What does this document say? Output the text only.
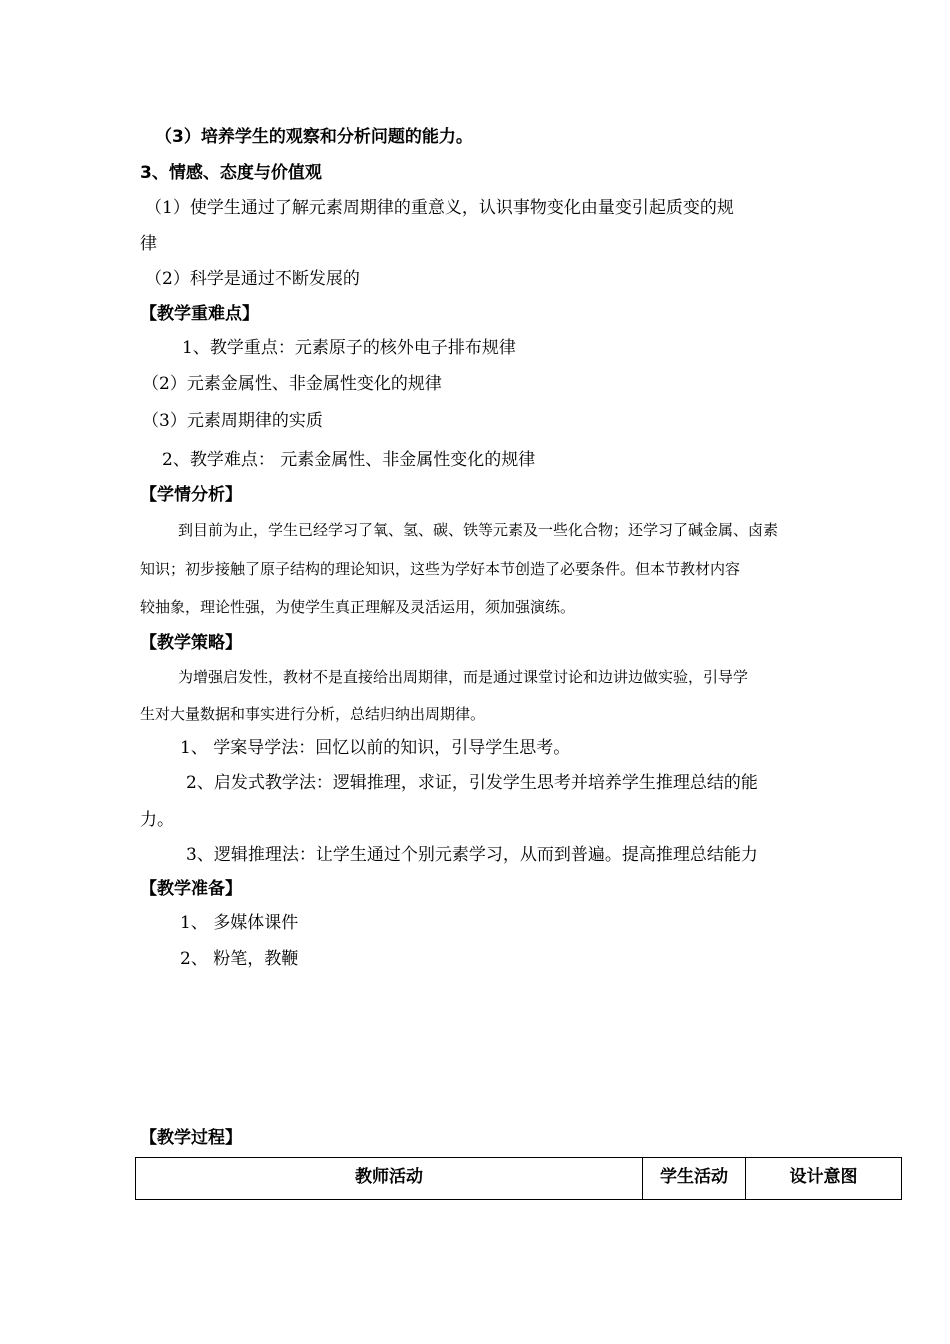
（3）培养学生的观察和分析问题的能力。
3、情感、态度与价值观
（1）使学生通过了解元素周期律的重意义，认识事物变化由量变引起质变的规
律
（2）科学是通过不断发展的
【教学重难点】
1、教学重点：元素原子的核外电子排布规律
（2）元素金属性、非金属性变化的规律
（3）元素周期律的实质
2、教学难点： 元素金属性、非金属性变化的规律
【学情分析】
到目前为止，学生已经学习了氧、氢、碳、铁等元素及一些化合物；还学习了碱金属、卤素
知识；初步接触了原子结构的理论知识，这些为学好本节创造了必要条件。但本节教材内容
较抽象，理论性强，为使学生真正理解及灵活运用，须加强演练。
【教学策略】
为增强启发性，教材不是直接给出周期律，而是通过课堂讨论和边讲边做实验，引导学
生对大量数据和事实进行分析，总结归纳出周期律。
1、 学案导学法：回忆以前的知识，引导学生思考。
2、启发式教学法：逻辑推理，求证，引发学生思考并培养学生推理总结的能
力。
3、逻辑推理法：让学生通过个别元素学习，从而到普遍。提高推理总结能力
【教学准备】
1、 多媒体课件
2、 粉笔，教鞭
【教学过程】
教师活动	学生活动	设计意图
